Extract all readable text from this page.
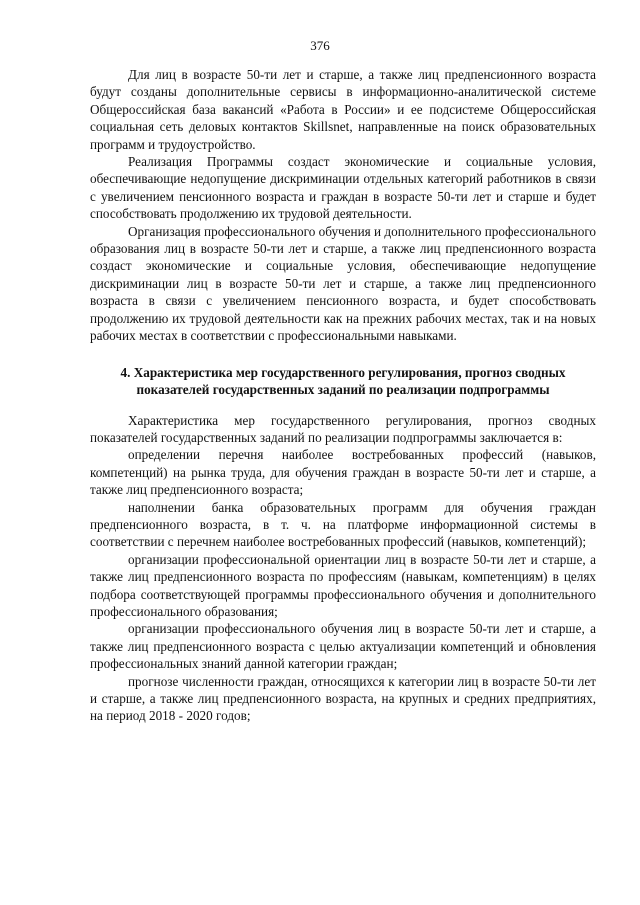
376

Для лиц в возрасте 50-ти лет и старше, а также лиц предпенсионного возраста будут созданы дополнительные сервисы в информационно-аналитической системе Общероссийская база вакансий «Работа в России» и ее подсистеме Общероссийская социальная сеть деловых контактов Skillsnet, направленные на поиск образовательных программ и трудоустройство.

Реализация Программы создаст экономические и социальные условия, обеспечивающие недопущение дискриминации отдельных категорий работников в связи с увеличением пенсионного возраста и граждан в возрасте 50-ти лет и старше и будет способствовать продолжению их трудовой деятельности.

Организация профессионального обучения и дополнительного профессионального образования лиц в возрасте 50-ти лет и старше, а также лиц предпенсионного возраста создаст экономические и социальные условия, обеспечивающие недопущение дискриминации лиц в возрасте 50-ти лет и старше, а также лиц предпенсионного возраста в связи с увеличением пенсионного возраста, и будет способствовать продолжению их трудовой деятельности как на прежних рабочих местах, так и на новых рабочих местах в соответствии с профессиональными навыками.

4. Характеристика мер государственного регулирования, прогноз сводных показателей государственных заданий по реализации подпрограммы

Характеристика мер государственного регулирования, прогноз сводных показателей государственных заданий по реализации подпрограммы заключается в:

определении перечня наиболее востребованных профессий (навыков, компетенций) на рынка труда, для обучения граждан в возрасте 50-ти лет и старше, а также лиц предпенсионного возраста;

наполнении банка образовательных программ для обучения граждан предпенсионного возраста, в т. ч. на платформе информационной системы в соответствии с перечнем наиболее востребованных профессий (навыков, компетенций);

организации профессиональной ориентации лиц в возрасте 50-ти лет и старше, а также лиц предпенсионного возраста по профессиям (навыкам, компетенциям) в целях подбора соответствующей программы профессионального обучения и дополнительного профессионального образования;

организации профессионального обучения лиц в возрасте 50-ти лет и старше, а также лиц предпенсионного возраста с целью актуализации компетенций и обновления профессиональных знаний данной категории граждан;

прогнозе численности граждан, относящихся к категории лиц в возрасте 50-ти лет и старше, а также лиц предпенсионного возраста, на крупных и средних предприятиях, на период 2018 - 2020 годов;
